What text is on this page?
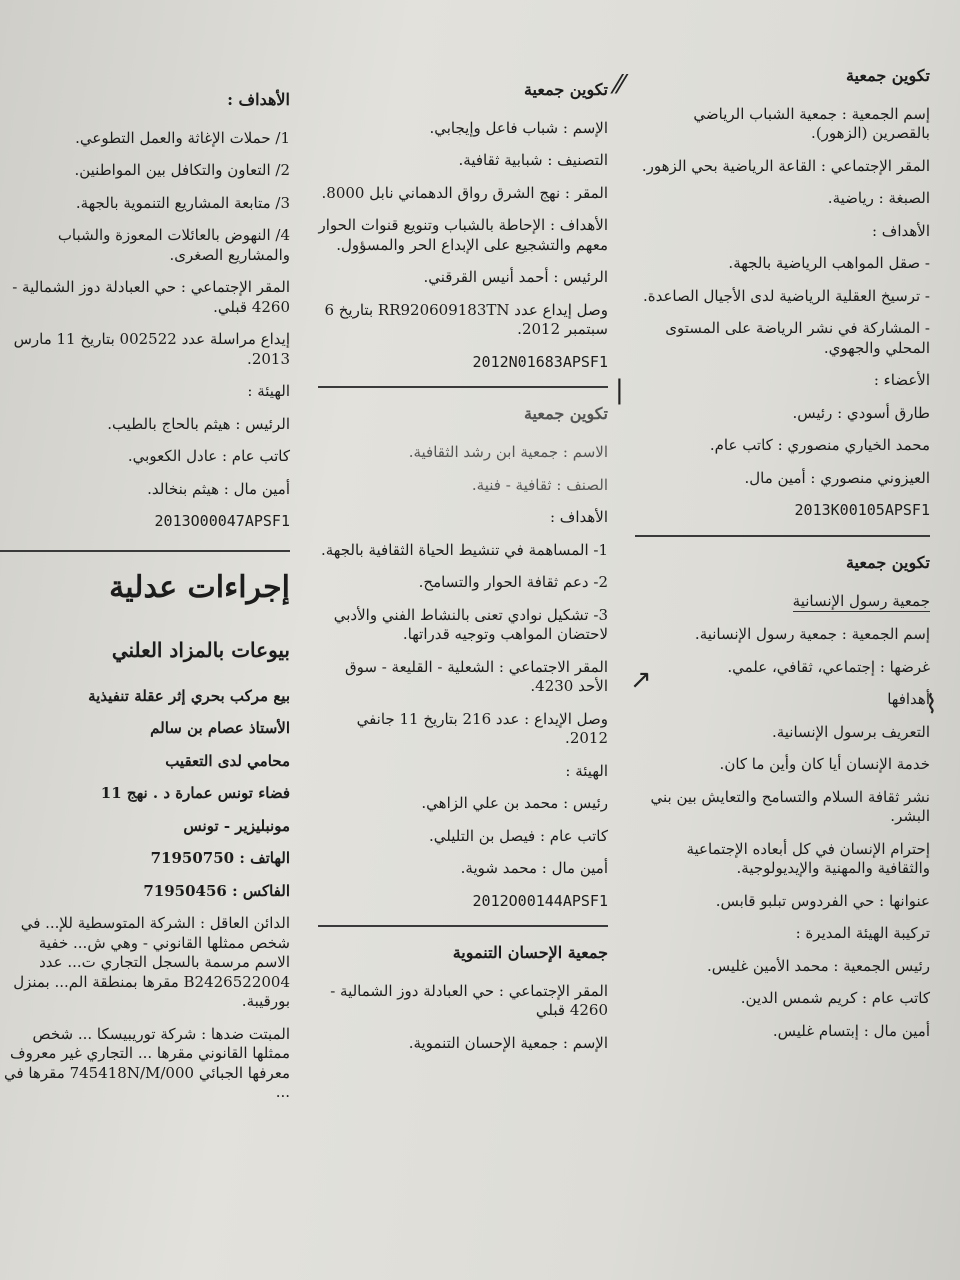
تكوين جمعية
إسم الجمعية : جمعية الشباب الرياضي بالقصرين (الزهور).
المقر الإجتماعي : القاعة الرياضية بحي الزهور.
الصبغة : رياضية.
الأهداف :
- صقل المواهب الرياضية بالجهة.
- ترسيخ العقلية الرياضية لدى الأجيال الصاعدة.
- المشاركة في نشر الرياضة على المستوى المحلي والجهوي.
الأعضاء :
طارق أسودي : رئيس.
محمد الخياري منصوري : كاتب عام.
العيزوني منصوري : أمين مال.
2013K00105APSF1
تكوين جمعية
جمعية رسول الإنسانية
إسم الجمعية : جمعية رسول الإنسانية.
غرضها : إجتماعي، ثقافي، علمي.
أهدافها
التعريف برسول الإنسانية.
خدمة الإنسان أيا كان وأين ما كان.
نشر ثقافة السلام والتسامح والتعايش بين بني البشر.
إحترام الإنسان في كل أبعاده الإجتماعية والثقافية والمهنية والإيديولوجية.
عنوانها : حي الفردوس تبلبو قابس.
تركيبة الهيئة المديرة :
رئيس الجمعية : محمد الأمين غليس.
كاتب عام : كريم شمس الدين.
أمين مال : إبتسام غليس.
تكوين جمعية
الإسم : شباب فاعل وإيجابي.
التصنيف : شبابية ثقافية.
المقر : نهج الشرق رواق الدهماني نابل 8000.
الأهداف : الإحاطة بالشباب وتنويع قنوات الحوار معهم والتشجيع على الإبداع الحر والمسؤول.
الرئيس : أحمد أنيس القرقني.
وصل إيداع عدد RR920609183TN بتاريخ 6 سبتمبر 2012.
2012N01683APSF1
تكوين جمعية
الاسم : جمعية ابن رشد الثقافية.
الصنف : ثقافية - فنية.
الأهداف :
1- المساهمة في تنشيط الحياة الثقافية بالجهة.
2- دعم ثقافة الحوار والتسامح.
3- تشكيل نوادي تعنى بالنشاط الفني والأدبي لاحتضان المواهب وتوجيه قدراتها.
المقر الاجتماعي : الشعلية - القليعة - سوق الأحد 4230.
وصل الإيداع : عدد 216 بتاريخ 11 جانفي 2012.
الهيئة :
رئيس : محمد بن علي الزاهي.
كاتب عام : فيصل بن التليلي.
أمين مال : محمد شوية.
2012O00144APSF1
جمعية الإحسان التنموية
المقر الإجتماعي : حي العبادلة دوز الشمالية - 4260 قبلي
الإسم : جمعية الإحسان التنموية.
الأهداف :
1/ حملات الإغاثة والعمل التطوعي.
2/ التعاون والتكافل بين المواطنين.
3/ متابعة المشاريع التنموية بالجهة.
4/ النهوض بالعائلات المعوزة والشباب والمشاريع الصغرى.
المقر الإجتماعي : حي العبادلة دوز الشمالية - 4260 قبلي.
إيداع مراسلة عدد 002522 بتاريخ 11 مارس 2013.
الهيئة :
الرئيس : هيثم بالحاج بالطيب.
كاتب عام : عادل الكعوبي.
أمين مال : هيثم بنخالد.
2013O00047APSF1
إجراءات عدلية
بيوعات بالمزاد العلني
بيع مركب بحري إثر عقلة تنفيذية
الأستاذ عصام بن سالم
محامي لدى التعقيب
فضاء تونس عمارة د . نهج 11
مونبليزير - تونس
الهاتف : 71950750
الفاكس : 71950456
الدائن العاقل : الشركة المتوسطية للإ... في شخص ممثلها القانوني - وهي ش... خفية الاسم مرسمة بالسجل التجاري ت... عدد B2426522004 مقرها بمنطقة الم... بمنزل بورقيبة.
المبتت ضدها : شركة توريبيسكا ... شخص ممثلها القانوني مقرها ... التجاري غير معروف معرفها الجبائي 745418N/M/000 مقرها في ...
⁄⁄
|
↗
⌇
